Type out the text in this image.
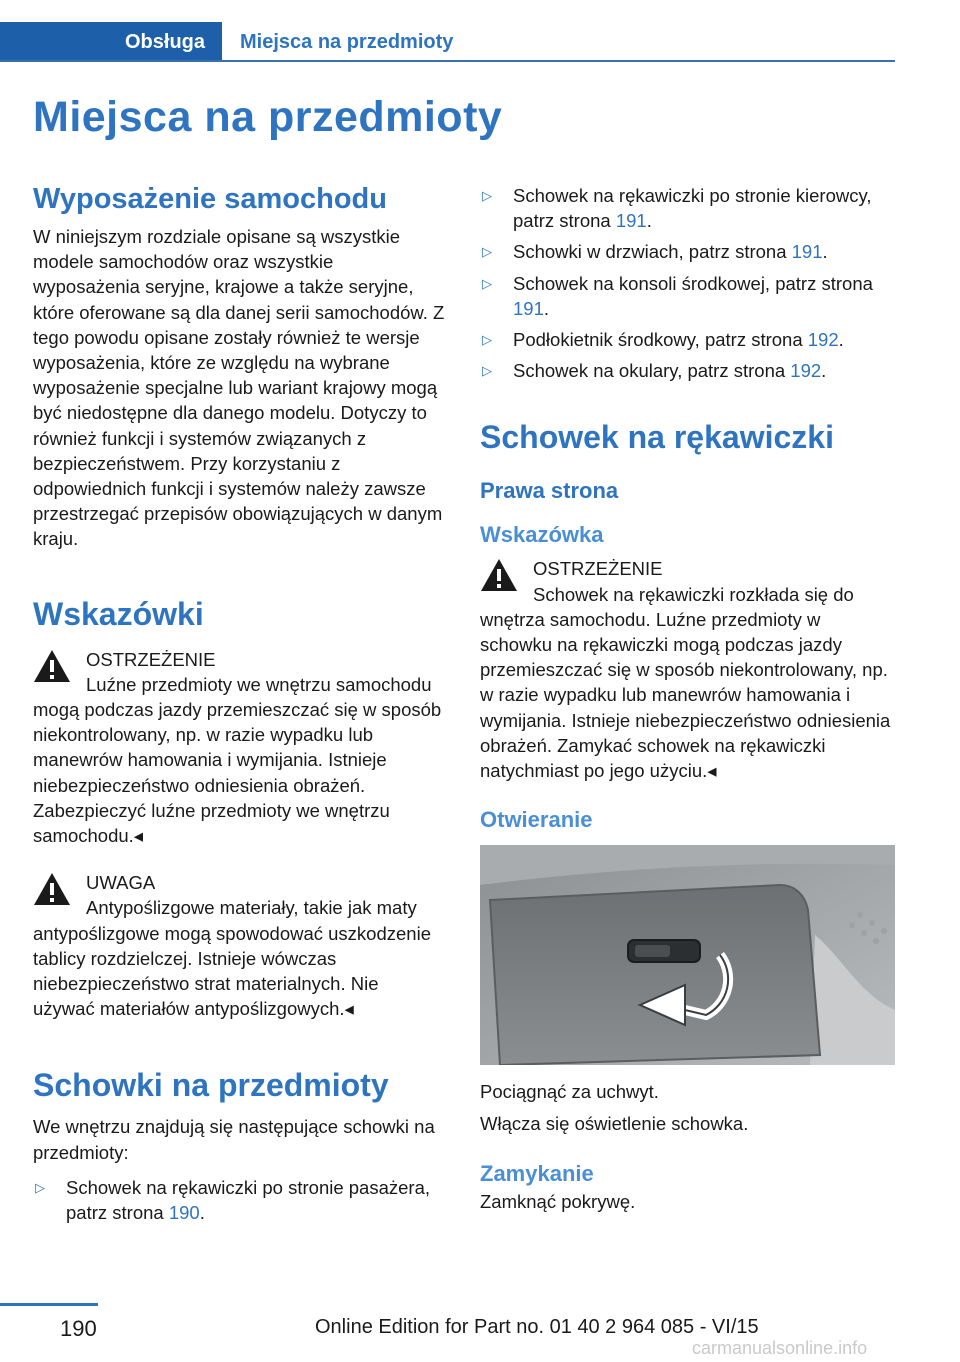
Obsługa Miejsca na przedmioty
Miejsca na przedmioty
Wyposażenie samochodu

W niniejszym rozdziale opisane są wszystkie modele samochodów oraz wszystkie wyposażenia seryjne, krajowe a także seryjne, które oferowane są dla danej serii samochodów. Z tego powodu opisane zostały również te wersje wyposażenia, które ze względu na wybrane wyposażenie specjalne lub wariant krajowy mogą być niedostępne dla danego modelu. Dotyczy to również funkcji i systemów związanych z bezpieczeństwem. Przy korzystaniu z odpowiednich funkcji i systemów należy zawsze przestrzegać przepisów obowiązujących w danym kraju.

Wskazówki

OSTRZEŻENIE

Luźne przedmioty we wnętrzu samochodu mogą podczas jazdy przemieszczać się w sposób niekontrolowany, np. w razie wypadku lub manewrów hamowania i wymijania. Istnieje niebezpieczeństwo odniesienia obrażeń. Zabezpieczyć luźne przedmioty we wnętrzu samochodu.◂

UWAGA

Antypoślizgowe materiały, takie jak maty antypoślizgowe mogą spowodować uszkodzenie tablicy rozdzielczej. Istnieje wówczas niebezpieczeństwo strat materialnych. Nie używać materiałów antypoślizgowych.◂

Schowki na przedmioty

We wnętrzu znajdują się następujące schowki na przedmioty:

▷ Schowek na rękawiczki po stronie pasażera, patrz strona 190.
▷ Schowek na rękawiczki po stronie kierowcy, patrz strona 191.
▷ Schowki w drzwiach, patrz strona 191.
▷ Schowek na konsoli środkowej, patrz strona 191.
▷ Podłokietnik środkowy, patrz strona 192.
▷ Schowek na okulary, patrz strona 192.
Schowek na rękawiczki
Prawa strona
Wskazówka

OSTRZEŻENIE

Schowek na rękawiczki rozkłada się do wnętrza samochodu. Luźne przedmioty w schowku na rękawiczki mogą podczas jazdy przemieszczać się w sposób niekontrolowany, np. w razie wypadku lub manewrów hamowania i wymijania. Istnieje niebezpieczeństwo odniesienia obrażeń. Zamykać schowek na rękawiczki natychmiast po jego użyciu.◂

Otwieranie

Pociągnąć za uchwyt.

Włącza się oświetlenie schowka.

Zamykanie

Zamknąć pokrywę.

190	Online Edition for Part no. 01 40 2 964 085 - VI/15
carmanualsonline.info
